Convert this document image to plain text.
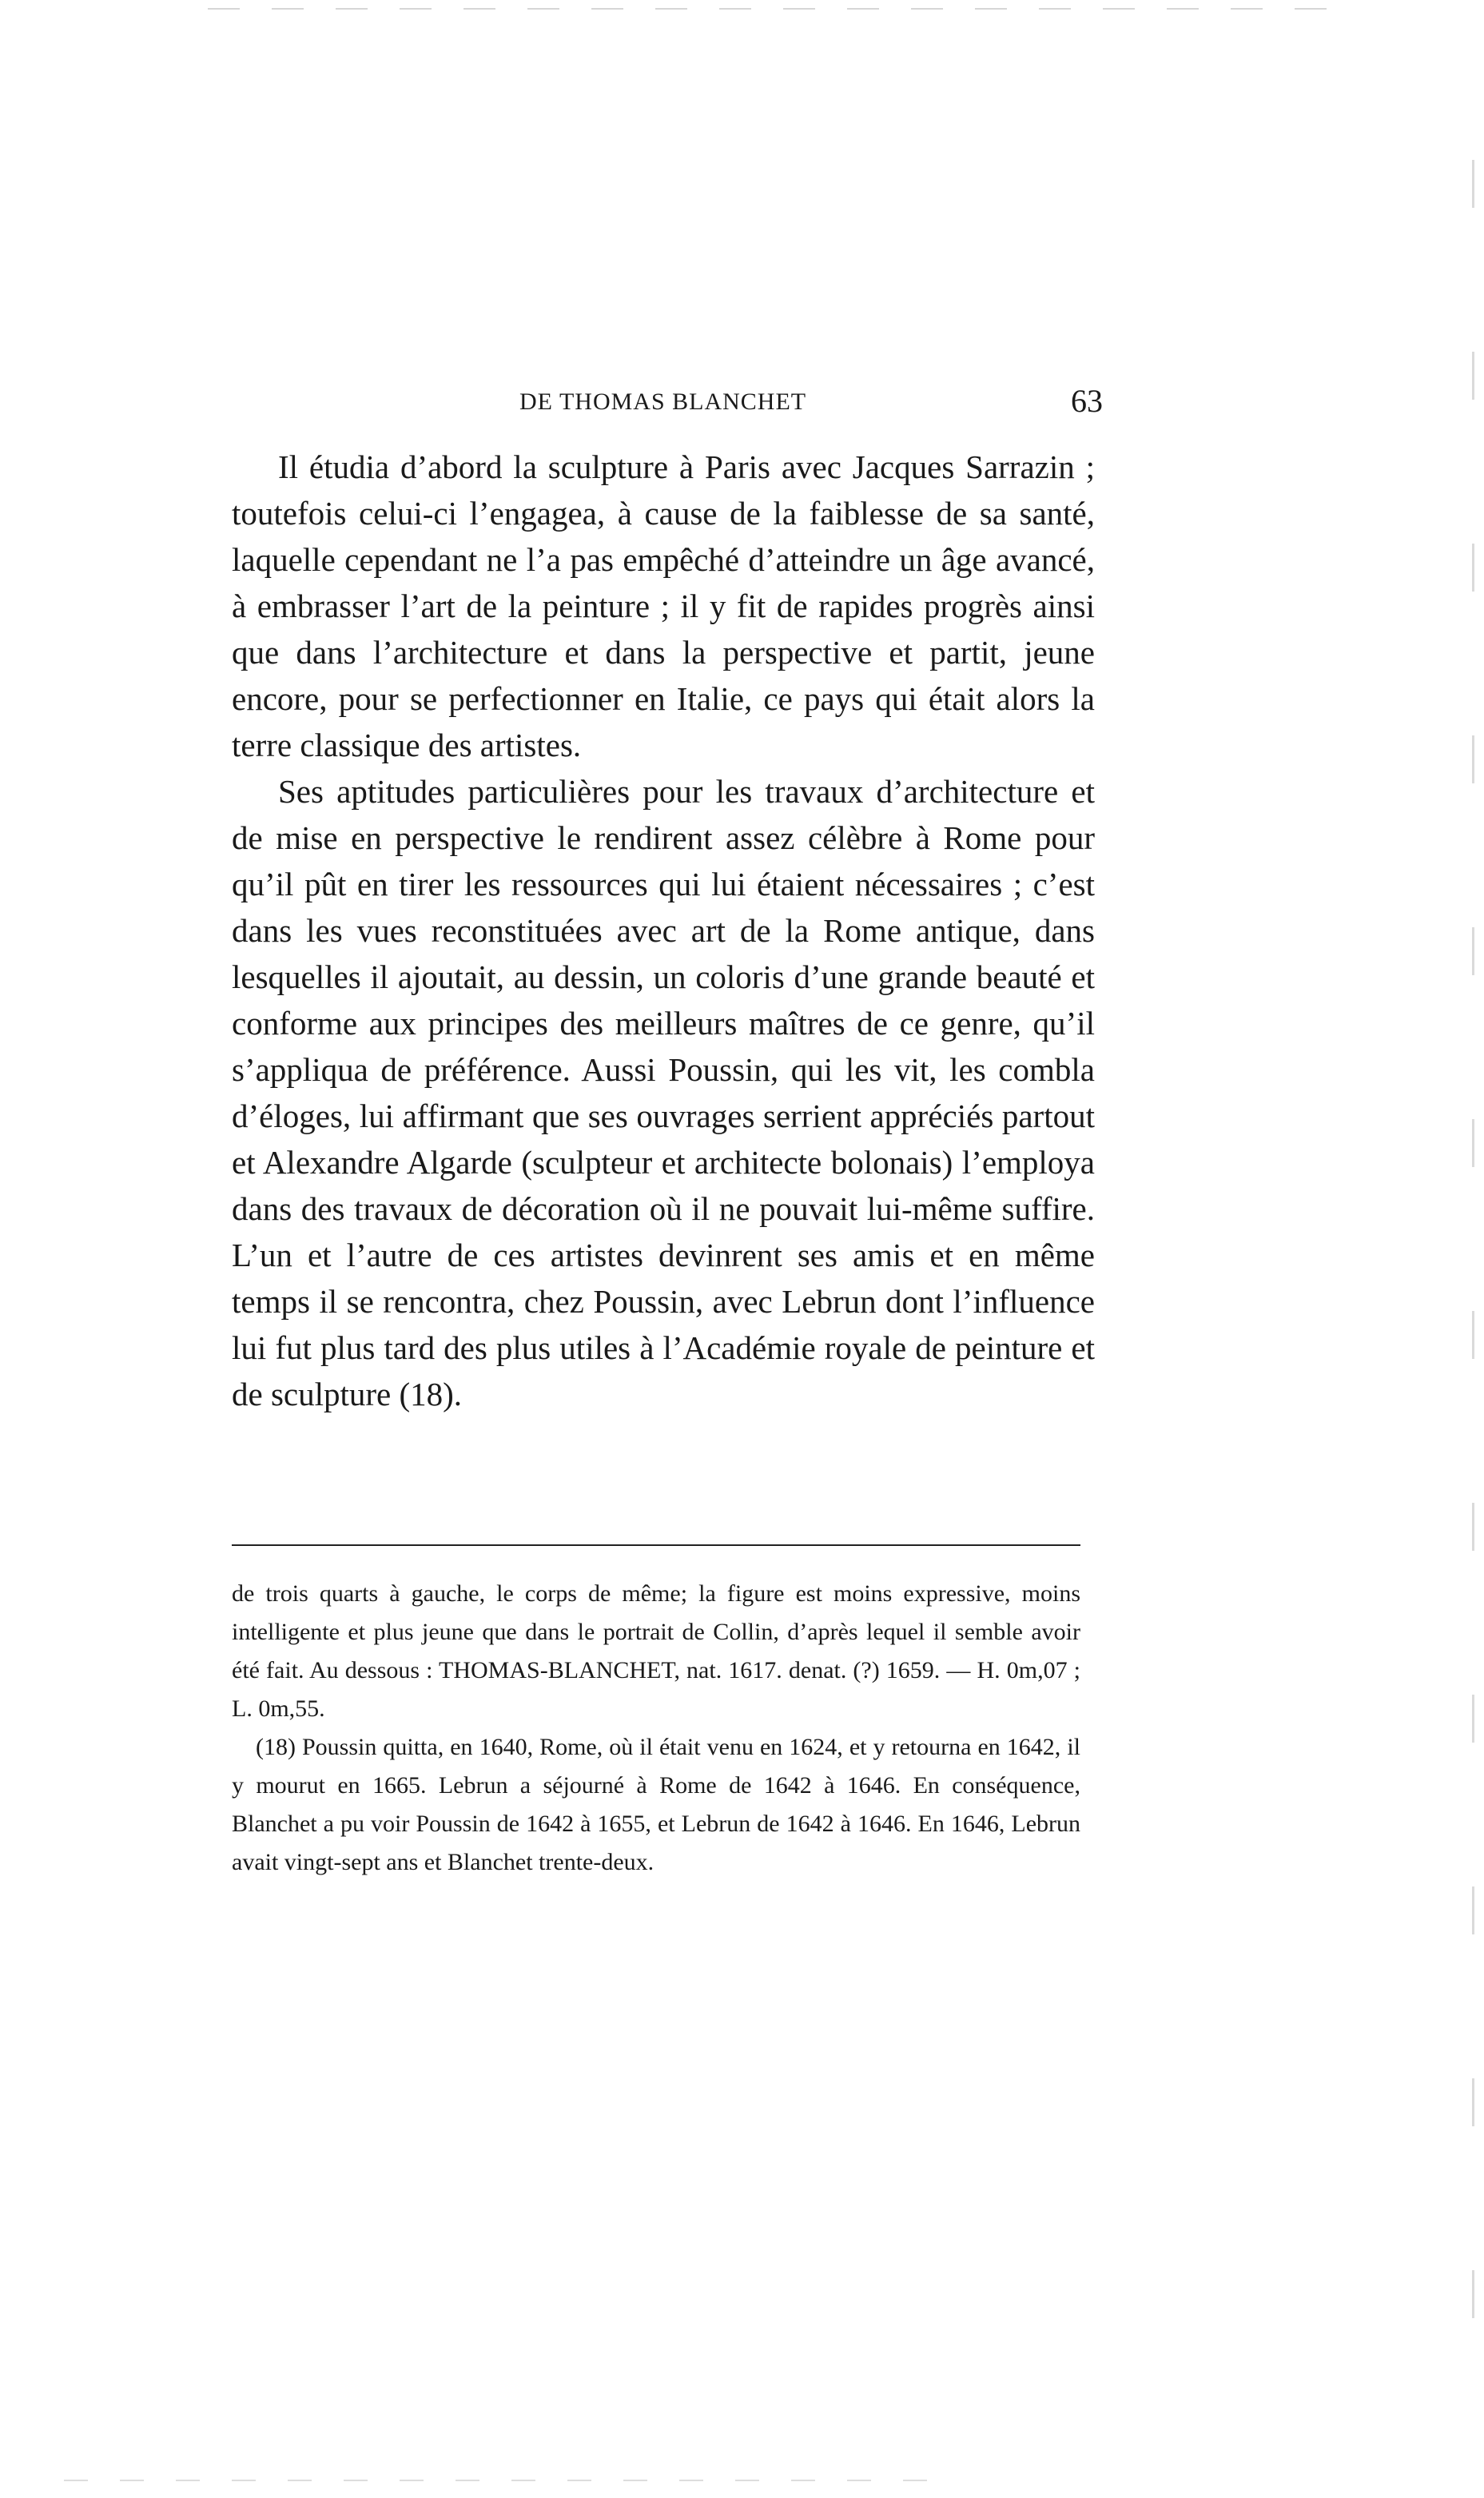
DE THOMAS BLANCHET	63

Il étudia d’abord la sculpture à Paris avec Jacques Sarrazin ; toutefois celui-ci l’engagea, à cause de la faiblesse de sa santé, laquelle cependant ne l’a pas empêché d’atteindre un âge avancé, à embrasser l’art de la peinture ; il y fit de rapides progrès ainsi que dans l’architecture et dans la perspective et partit, jeune encore, pour se perfectionner en Italie, ce pays qui était alors la terre classique des artistes.

Ses aptitudes particulières pour les travaux d’architecture et de mise en perspective le rendirent assez célèbre à Rome pour qu’il pût en tirer les ressources qui lui étaient nécessaires ; c’est dans les vues reconstituées avec art de la Rome antique, dans lesquelles il ajoutait, au dessin, un coloris d’une grande beauté et conforme aux principes des meilleurs maîtres de ce genre, qu’il s’appliqua de préférence. Aussi Poussin, qui les vit, les combla d’éloges, lui affirmant que ses ouvrages serrient appréciés partout et Alexandre Algarde (sculpteur et architecte bolonais) l’employa dans des travaux de décoration où il ne pouvait lui-même suffire. L’un et l’autre de ces artistes devinrent ses amis et en même temps il se rencontra, chez Poussin, avec Lebrun dont l’influence lui fut plus tard des plus utiles à l’Académie royale de peinture et de sculpture (18).

de trois quarts à gauche, le corps de même; la figure est moins expressive, moins intelligente et plus jeune que dans le portrait de Collin, d’après lequel il semble avoir été fait. Au dessous : THOMAS-BLANCHET, nat. 1617. denat. (?) 1659. — H. 0m,07 ; L. 0m,55.

(18) Poussin quitta, en 1640, Rome, où il était venu en 1624, et y retourna en 1642, il y mourut en 1665. Lebrun a séjourné à Rome de 1642 à 1646. En conséquence, Blanchet a pu voir Poussin de 1642 à 1655, et Lebrun de 1642 à 1646. En 1646, Lebrun avait vingt-sept ans et Blanchet trente-deux.
